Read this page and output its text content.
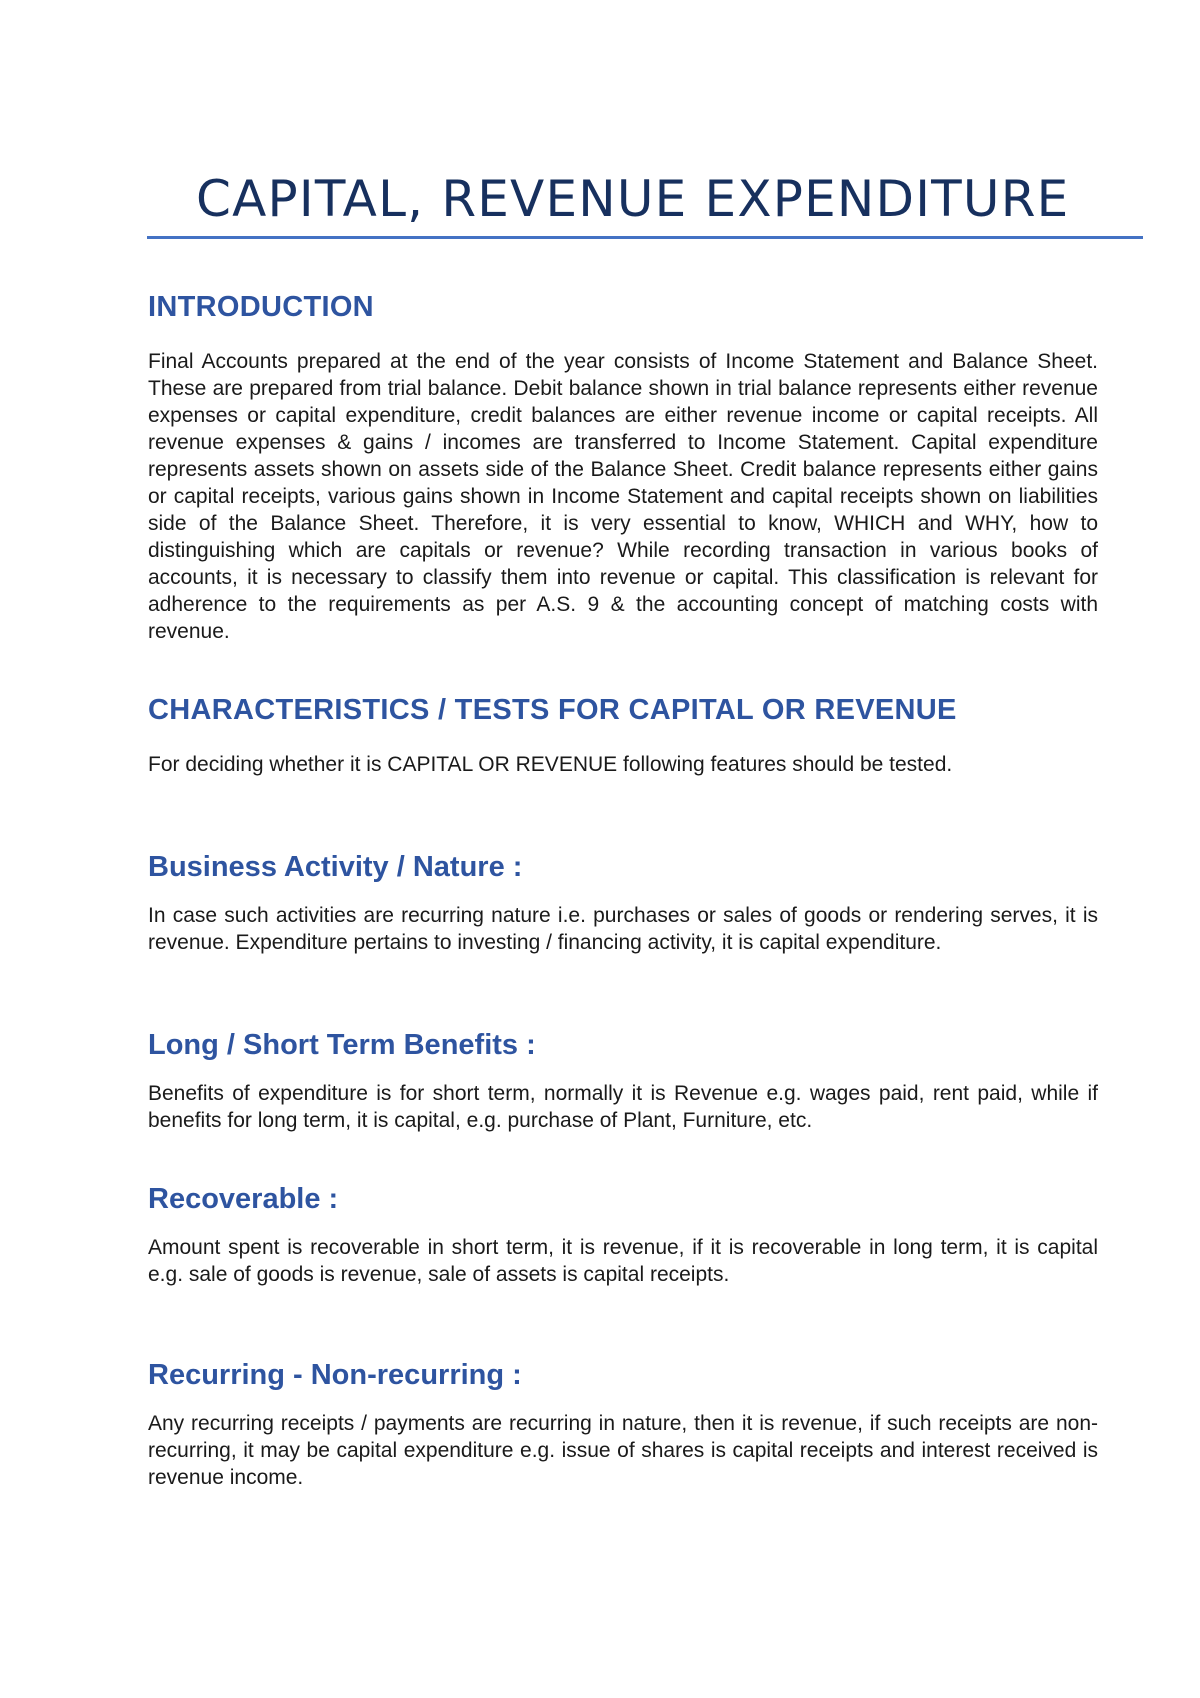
CAPITAL, REVENUE EXPENDITURE
INTRODUCTION

Final Accounts prepared at the end of the year consists of Income Statement and Balance Sheet. These are prepared from trial balance. Debit balance shown in trial balance represents either revenue expenses or capital expenditure, credit balances are either revenue income or capital receipts. All revenue expenses & gains / incomes are transferred to Income Statement. Capital expenditure represents assets shown on assets side of the Balance Sheet. Credit balance represents either gains or capital receipts, various gains shown in Income Statement and capital receipts shown on liabilities side of the Balance Sheet. Therefore, it is very essential to know, WHICH and WHY, how to distinguishing which are capitals or revenue? While recording transaction in various books of accounts, it is necessary to classify them into revenue or capital. This classification is relevant for adherence to the requirements as per A.S. 9 & the accounting concept of matching costs with revenue.

CHARACTERISTICS / TESTS FOR CAPITAL OR REVENUE

For deciding whether it is CAPITAL OR REVENUE following features should be tested.

Business Activity / Nature :

In case such activities are recurring nature i.e. purchases or sales of goods or rendering serves, it is revenue. Expenditure pertains to investing / financing activity, it is capital expenditure.

Long / Short Term Benefits :

Benefits of expenditure is for short term, normally it is Revenue e.g. wages paid, rent paid, while if benefits for long term, it is capital, e.g. purchase of Plant, Furniture, etc.

Recoverable :

Amount spent is recoverable in short term, it is revenue, if it is recoverable in long term, it is capital e.g. sale of goods is revenue, sale of assets is capital receipts.

Recurring - Non-recurring :

Any recurring receipts / payments are recurring in nature, then it is revenue, if such receipts are non-recurring, it may be capital expenditure e.g. issue of shares is capital receipts and interest received is revenue income.
